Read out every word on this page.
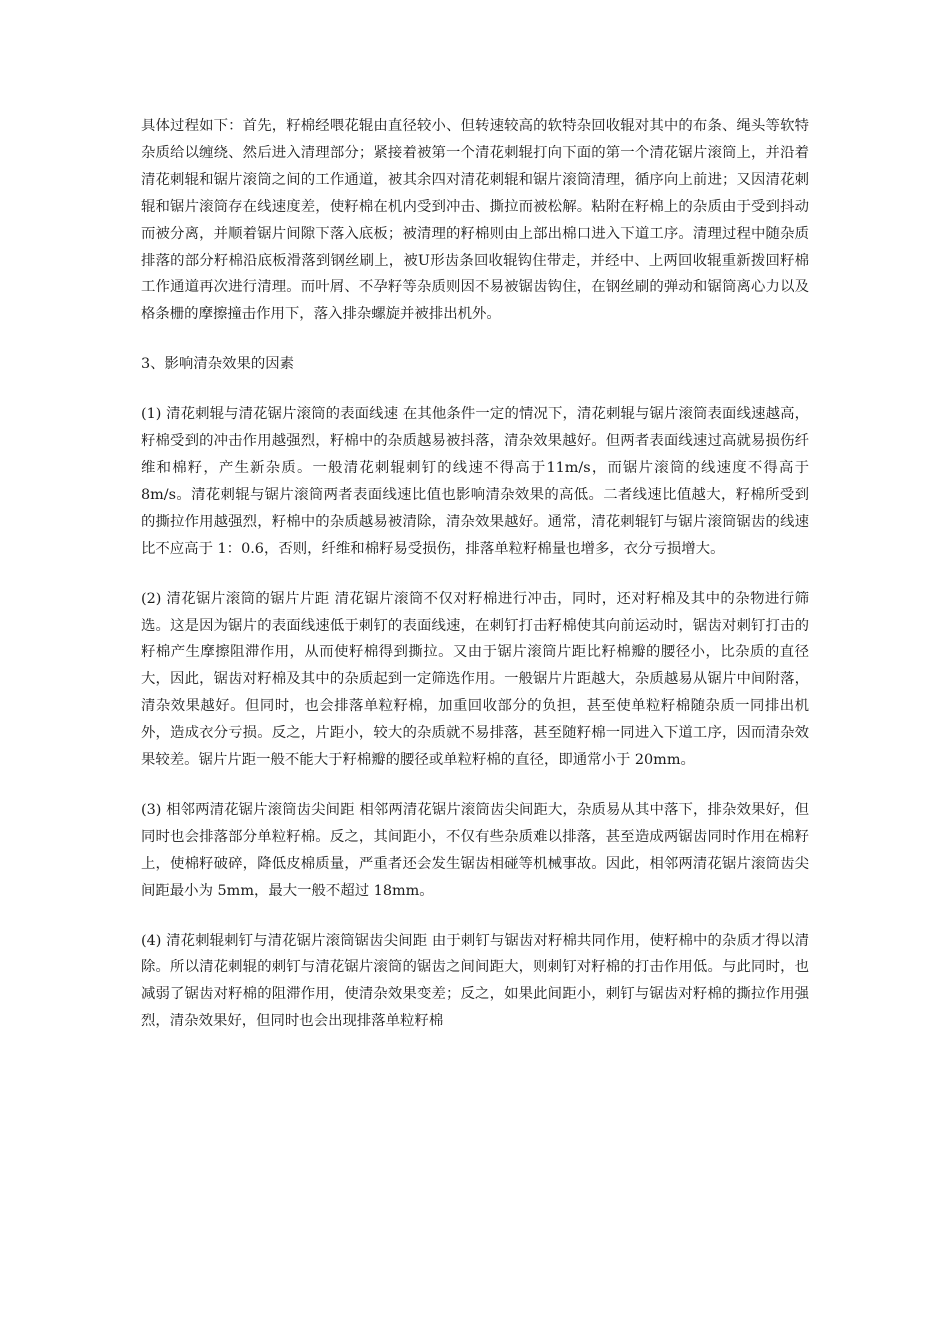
具体过程如下：首先，籽棉经喂花辊由直径较小、但转速较高的软特杂回收辊对其中的布条、绳头等软特杂质给以缠绕、然后进入清理部分；紧接着被第一个清花刺辊打向下面的第一个清花锯片滚筒上，并沿着清花刺辊和锯片滚筒之间的工作通道，被其余四对清花刺辊和锯片滚筒清理，循序向上前进；又因清花刺辊和锯片滚筒存在线速度差，使籽棉在机内受到冲击、撕拉而被松解。粘附在籽棉上的杂质由于受到抖动而被分离，并顺着锯片间隙下落入底板；被清理的籽棉则由上部出棉口进入下道工序。清理过程中随杂质排落的部分籽棉沿底板滑落到钢丝刷上，被U形齿条回收辊钩住带走，并经中、上两回收辊重新拨回籽棉工作通道再次进行清理。而叶屑、不孕籽等杂质则因不易被锯齿钩住，在钢丝刷的弹动和锯筒离心力以及格条栅的摩擦撞击作用下，落入排杂螺旋并被排出机外。

3、影响清杂效果的因素

(1) 清花刺辊与清花锯片滚筒的表面线速 在其他条件一定的情况下，清花刺辊与锯片滚筒表面线速越高，籽棉受到的冲击作用越强烈，籽棉中的杂质越易被抖落，清杂效果越好。但两者表面线速过高就易损伤纤维和棉籽，产生新杂质。一般清花刺辊刺钉的线速不得高于11m/s，而锯片滚筒的线速度不得高于 8m/s。清花刺辊与锯片滚筒两者表面线速比值也影响清杂效果的高低。二者线速比值越大，籽棉所受到的撕拉作用越强烈，籽棉中的杂质越易被清除，清杂效果越好。通常，清花刺辊钉与锯片滚筒锯齿的线速比不应高于 1：0.6，否则，纤维和棉籽易受损伤，排落单粒籽棉量也增多，衣分亏损增大。

(2) 清花锯片滚筒的锯片片距 清花锯片滚筒不仅对籽棉进行冲击，同时，还对籽棉及其中的杂物进行筛选。这是因为锯片的表面线速低于刺钉的表面线速，在刺钉打击籽棉使其向前运动时，锯齿对刺钉打击的籽棉产生摩擦阻滞作用，从而使籽棉得到撕拉。又由于锯片滚筒片距比籽棉瓣的腰径小，比杂质的直径大，因此，锯齿对籽棉及其中的杂质起到一定筛选作用。一般锯片片距越大，杂质越易从锯片中间附落，清杂效果越好。但同时，也会排落单粒籽棉，加重回收部分的负担，甚至使单粒籽棉随杂质一同排出机外，造成衣分亏损。反之，片距小，较大的杂质就不易排落，甚至随籽棉一同进入下道工序，因而清杂效果较差。锯片片距一般不能大于籽棉瓣的腰径或单粒籽棉的直径，即通常小于 20mm。

(3) 相邻两清花锯片滚筒齿尖间距 相邻两清花锯片滚筒齿尖间距大，杂质易从其中落下，排杂效果好，但同时也会排落部分单粒籽棉。反之，其间距小，不仅有些杂质难以排落，甚至造成两锯齿同时作用在棉籽上，使棉籽破碎，降低皮棉质量，严重者还会发生锯齿相碰等机械事故。因此，相邻两清花锯片滚筒齿尖间距最小为 5mm，最大一般不超过 18mm。

(4) 清花刺辊刺钉与清花锯片滚筒锯齿尖间距 由于刺钉与锯齿对籽棉共同作用，使籽棉中的杂质才得以清除。所以清花刺辊的刺钉与清花锯片滚筒的锯齿之间间距大，则刺钉对籽棉的打击作用低。与此同时，也减弱了锯齿对籽棉的阻滞作用，使清杂效果变差；反之，如果此间距小，刺钉与锯齿对籽棉的撕拉作用强烈，清杂效果好，但同时也会出现排落单粒籽棉
